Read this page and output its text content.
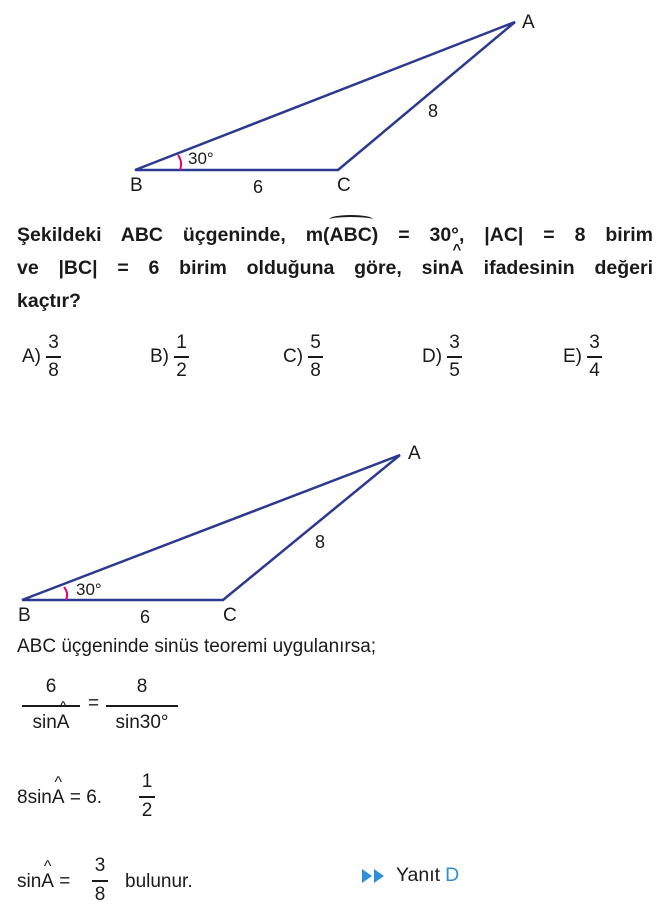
A
B	C
8
6
30°
Şekildeki ABC üçgeninde, m(ABC) = 30°, |AC| = 8 birim
ve |BC| = 6 birim olduğuna göre, sin
^
A ifadesinin değeri
kaçtır?
$A) \frac{3}{8}$	$B) \frac{1}{2}$	$C) \frac{5}{8}$	$D) \frac{3}{5}$	$E) \frac{3}{4}$
A
B	C
8
6
30°
ABC üçgeninde sinüs teoremi uygulanırsa;
6
sin
^
A
=
8
sin30°
8sin
^
A = 6.
1
2
sin
^
A =
3
8
bulunur.	Yanıt D
